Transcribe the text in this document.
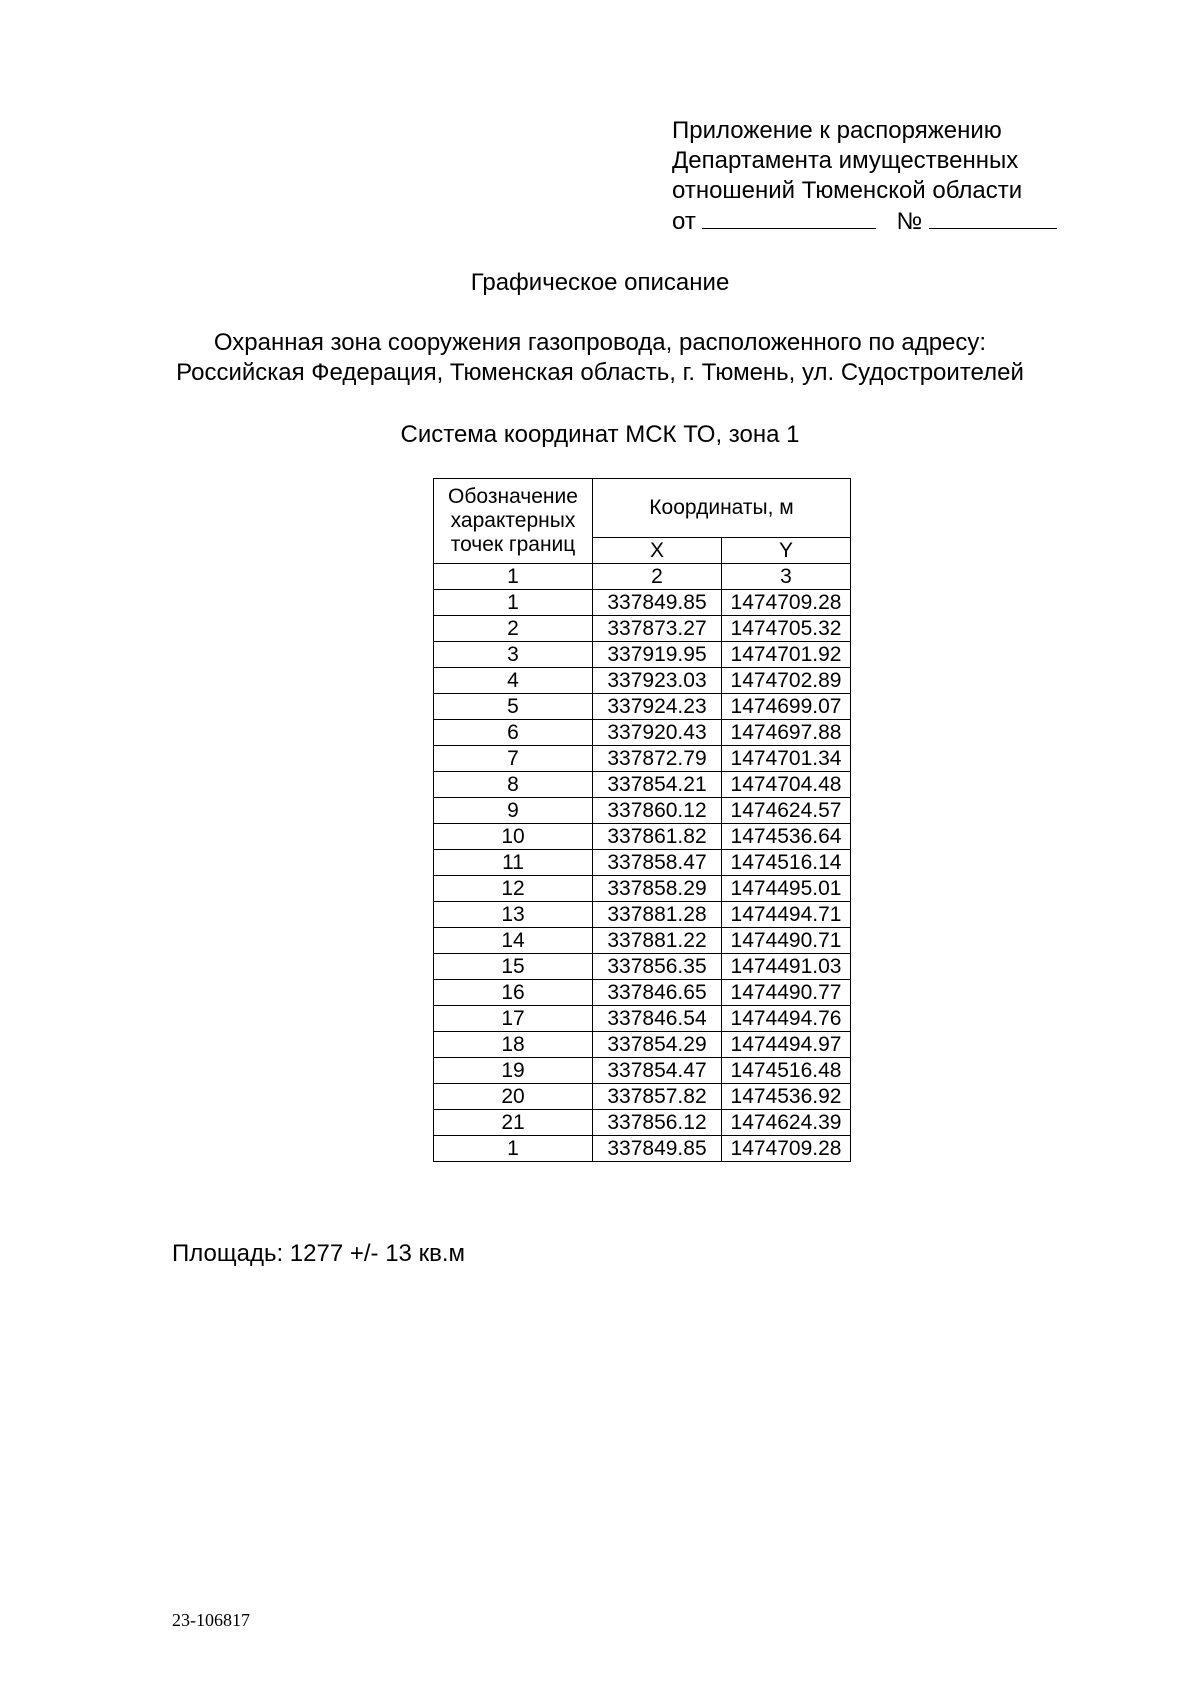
Приложение к распоряжению
Департамента имущественных
отношений Тюменской области
от	№
Графическое описание
Охранная зона сооружения газопровода, расположенного по адресу:
Российская Федерация, Тюменская область, г. Тюмень, ул. Судостроителей
Система координат МСК ТО, зона 1
Обозначение характерных точек границ	Координаты, м	
	X	Y
1	2	3
1	337849.85	1474709.28
2	337873.27	1474705.32
3	337919.95	1474701.92
4	337923.03	1474702.89
5	337924.23	1474699.07
6	337920.43	1474697.88
7	337872.79	1474701.34
8	337854.21	1474704.48
9	337860.12	1474624.57
10	337861.82	1474536.64
11	337858.47	1474516.14
12	337858.29	1474495.01
13	337881.28	1474494.71
14	337881.22	1474490.71
15	337856.35	1474491.03
16	337846.65	1474490.77
17	337846.54	1474494.76
18	337854.29	1474494.97
19	337854.47	1474516.48
20	337857.82	1474536.92
21	337856.12	1474624.39
1	337849.85	1474709.28
Площадь: 1277 +/- 13 кв.м
23-106817
